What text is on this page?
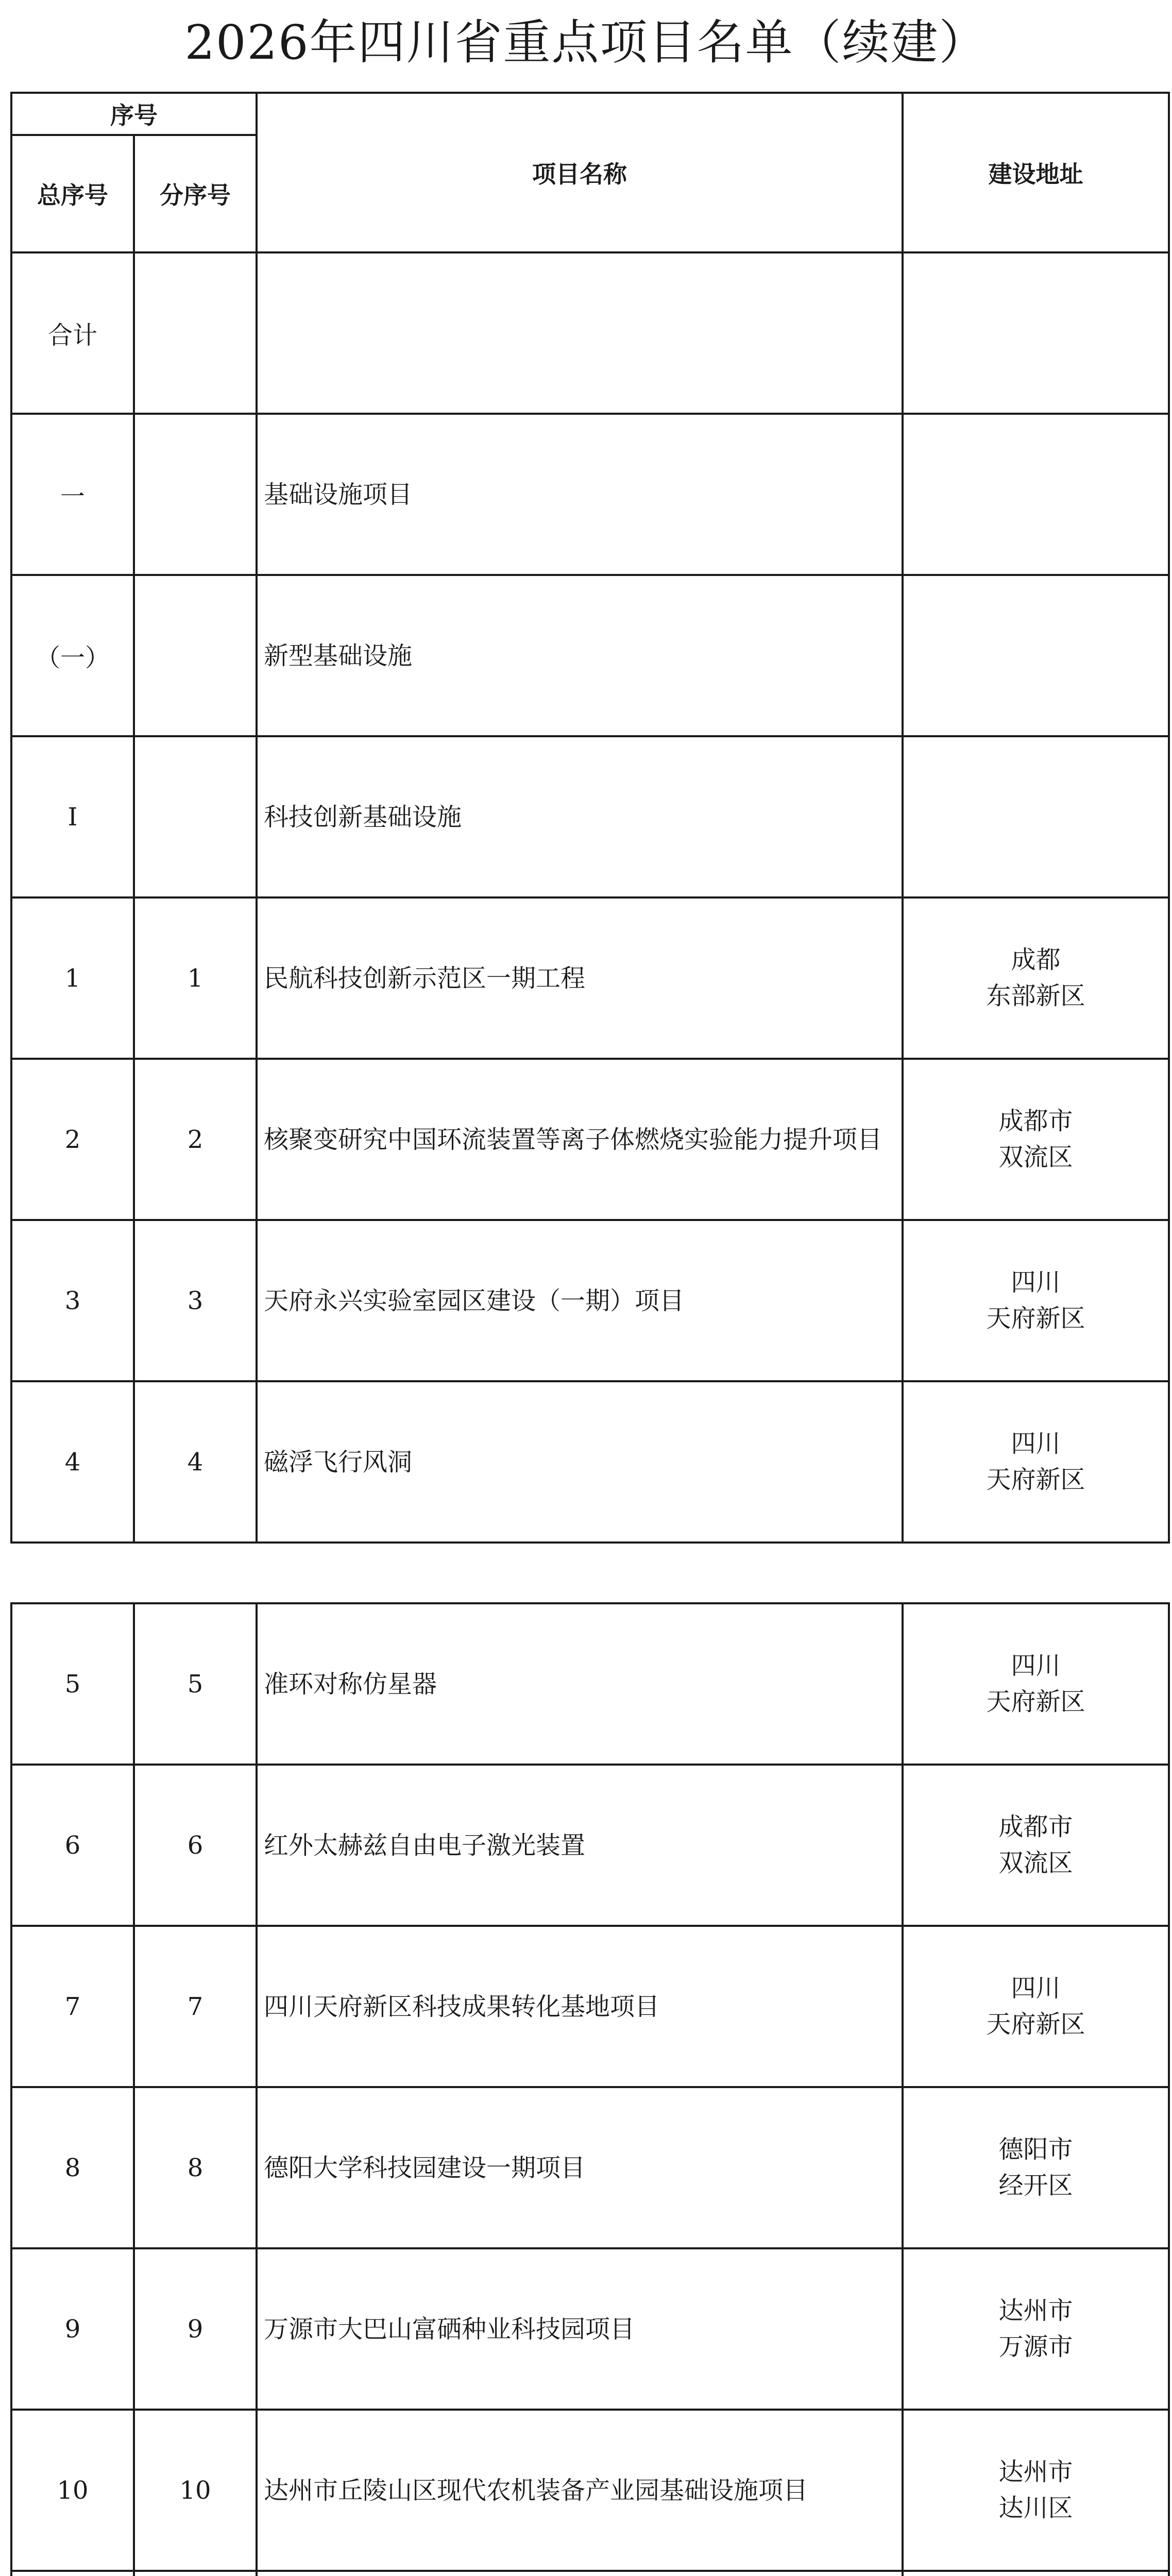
2026年四川省重点项目名单（续建）
序号		项目名称	建设地址
总序号	分序号		
合计			
一		基础设施项目	
（一）		新型基础设施	
Ⅰ		科技创新基础设施	
1	1	民航科技创新示范区一期工程	成都
东部新区

2	2	核聚变研究中国环流装置等离子体燃烧实验能力提升项目	成都市
双流区

3	3	天府永兴实验室园区建设（一期）项目	四川
天府新区

4	4	磁浮飞行风洞	四川
天府新区
5	5	准环对称仿星器	四川
天府新区

6	6	红外太赫兹自由电子激光装置	成都市
双流区

7	7	四川天府新区科技成果转化基地项目	四川
天府新区

8	8	德阳大学科技园建设一期项目	德阳市
经开区

9	9	万源市大巴山富硒种业科技园项目	达州市
万源市

10	10	达州市丘陵山区现代农机装备产业园基础设施项目	达州市
达川区
